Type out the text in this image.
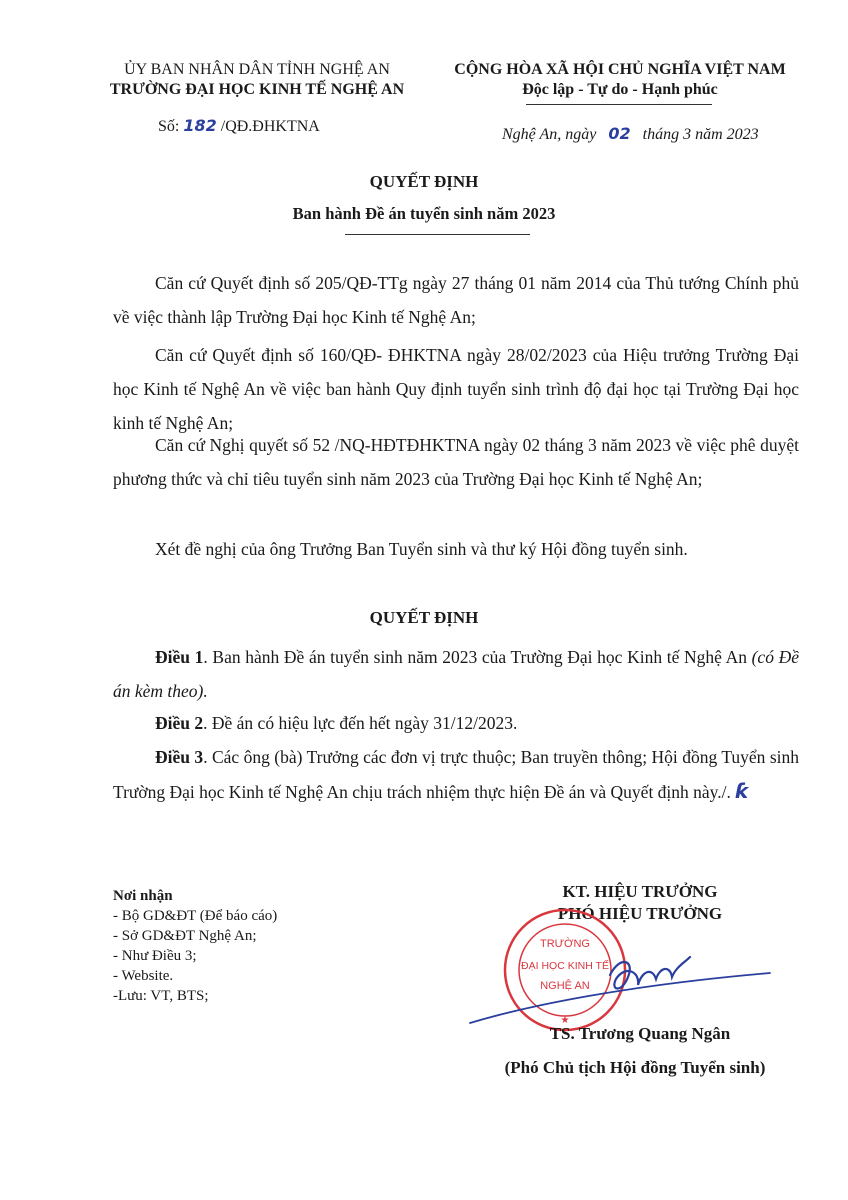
ỦY BAN NHÂN DÂN TỈNH NGHỆ AN
TRƯỜNG ĐẠI HỌC KINH TẾ NGHỆ AN
CỘNG HÒA XÃ HỘI CHỦ NGHĨA VIỆT NAM
Độc lập - Tự do - Hạnh phúc
Số: 182 /QĐ.ĐHKTNA	Nghệ An, ngày 02 tháng 3 năm 2023
QUYẾT ĐỊNH
Ban hành Đề án tuyển sinh năm 2023
Căn cứ Quyết định số 205/QĐ-TTg ngày 27 tháng 01 năm 2014 của Thủ tướng Chính phủ về việc thành lập Trường Đại học Kinh tế Nghệ An;
Căn cứ Quyết định số 160/QĐ- ĐHKTNA ngày 28/02/2023 của Hiệu trưởng Trường Đại học Kinh tế Nghệ An về việc ban hành Quy định tuyển sinh trình độ đại học tại Trường Đại học kinh tế Nghệ An;
Căn cứ Nghị quyết số 52 /NQ-HĐTĐHKTNA ngày 02 tháng 3 năm 2023 về việc phê duyệt phương thức và chỉ tiêu tuyển sinh năm 2023 của Trường Đại học Kinh tế Nghệ An;
Xét đề nghị của ông Trưởng Ban Tuyển sinh và thư ký Hội đồng tuyển sinh.
QUYẾT ĐỊNH
Điều 1. Ban hành Đề án tuyển sinh năm 2023 của Trường Đại học Kinh tế Nghệ An (có Đề án kèm theo).
Điều 2. Đề án có hiệu lực đến hết ngày 31/12/2023.
Điều 3. Các ông (bà) Trưởng các đơn vị trực thuộc; Ban truyền thông; Hội đồng Tuyển sinh Trường Đại học Kinh tế Nghệ An chịu trách nhiệm thực hiện Đề án và Quyết định này./. ƙ
Nơi nhận
- Bộ GD&ĐT (Để báo cáo)
- Sở GD&ĐT Nghệ An;
- Như Điều 3;
- Website.
-Lưu: VT, BTS;
KT. HIỆU TRƯỞNG
PHÓ HIỆU TRƯỞNG
TRƯỜNG
ĐẠI HỌC KINH TẾ
NGHỆ AN
★
TS. Trương Quang Ngân
(Phó Chủ tịch Hội đồng Tuyển sinh)
